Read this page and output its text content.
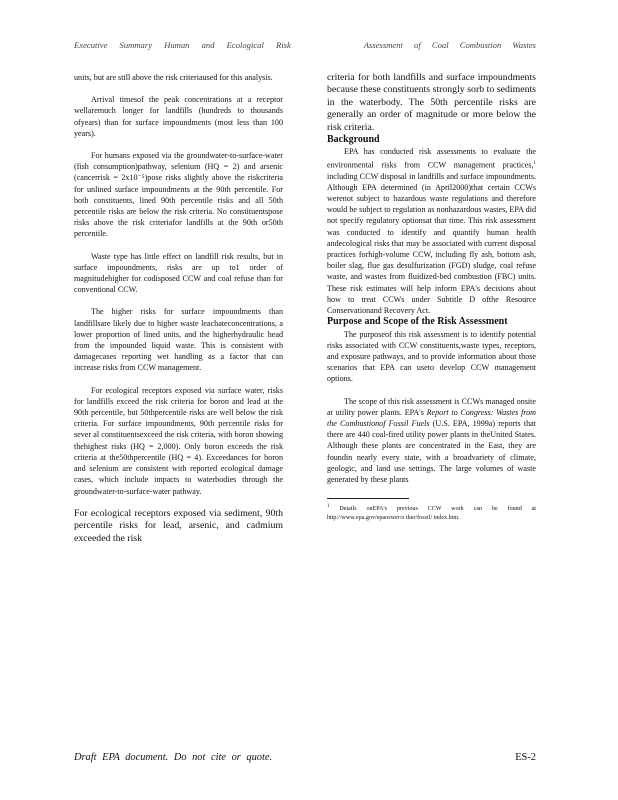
Executive Summary Human and Ecological Risk	Assessment of Coal Combustion Wastes

units, but are still above the risk criteriaused for this analysis.

Arrival timesof the peak concentrations at a receptor wellaremuch longer for landfills (hundreds to thousands ofyears) than for surface impoundments (most less than 100 years).

For humans exposed via the groundwater-to-surface-water (fish consumption)pathway, selenium (HQ = 2) and arsenic (cancerrisk = 2x10⁻⁵)pose risks slightly above the riskcriteria for unlined surface impoundments at the 90th percentile. For both constituents, lined 90th percentile risks and all 50th percentile risks are below the risk criteria. No constituentspose risks above the risk criteriafor landfills at the 90th or50th percentile.

Waste type has little effect on landfill risk results, but in surface impoundments, risks are up to1 order of magnitudehigher for codisposed CCW and coal refuse than for conventional CCW.

The higher risks for surface impoundments than landfillsare likely due to higher waste leachateconcentrations, a lower proportion of lined units, and the higherhydraulic head from the impounded liquid waste. This is consistent with damagecases reporting wet handling as a factor that can increase risks from CCW management.

For ecological receptors exposed via surface water, risks for landfills exceed the risk criteria for boron and lead at the 90th percentile, but 50thpercentile risks are well below the risk criteria. For surface impoundments, 90th percentile risks for sever al constituentsexceed the risk criteria, with boron showing thehighest risks (HQ = 2,000). Only boron exceeds the risk criteria at the50thpercentile (HQ = 4). Exceedances for boron and selenium are consistent with reported ecological damage cases, which include impacts to waterbodies through the groundwater-to-surface-water pathway.

For ecological receptors exposed via sediment, 90th percentile risks for lead, arsenic, and cadmium exceeded the risk

criteria for both landfills and surface impoundments because these constituents strongly sorb to sediments in the waterbody. The 50th percentile risks are generally an order of magnitude or more below the risk criteria.

Background

EPA has conducted risk assessments to evaluate the environmental risks from CCW management practices,$^1$ including CCW disposal in landfills and surface impoundments. Although EPA determined (in April2000)that certain CCWs werenot subject to hazardous waste regulations and therefore would be subject to regulation as nonhazardous wastes, EPA did not specify regulatory optionsat that time. This risk assessment was conducted to identify and quantify human health andecological risks that may be associated with current disposal practices forhigh-volume CCW, including fly ash, bottom ash, boiler slag, flue gas desulfurization (FGD) sludge, coal refuse waste, and wastes from fluidized-bed combustion (FBC) units. These risk estimates will help inform EPA's decisions about how to treat CCWs under Subtitle D ofthe Resource Conservationand Recovery Act.

Purpose and Scope of the Risk Assessment

The purposeof this risk assessment is to identify potential risks associated with CCW constituents,waste types, receptors, and exposure pathways, and to provide information about those scenarios that EPA can useto develop CCW management options.

The scope of this risk assessment is CCWs managed onsite at utility power plants. EPA's Report to Congress: Wastes from the Combustionof Fossil Fuels (U.S. EPA, 1999a) reports that there are 440 coal-fired utility power plants in theUnited States. Although these plants are concentrated in the East, they are foundin nearly every state, with a broadvariety of climate, geologic, and land use settings. The large volumes of waste generated by these plants

$^1$ Details onEPA's previous CCW work can be found at http://www.epa.gov/epaoswer/o ther/fossil/ index.htm.

Draft EPA document. Do not cite or quote.	ES-2
